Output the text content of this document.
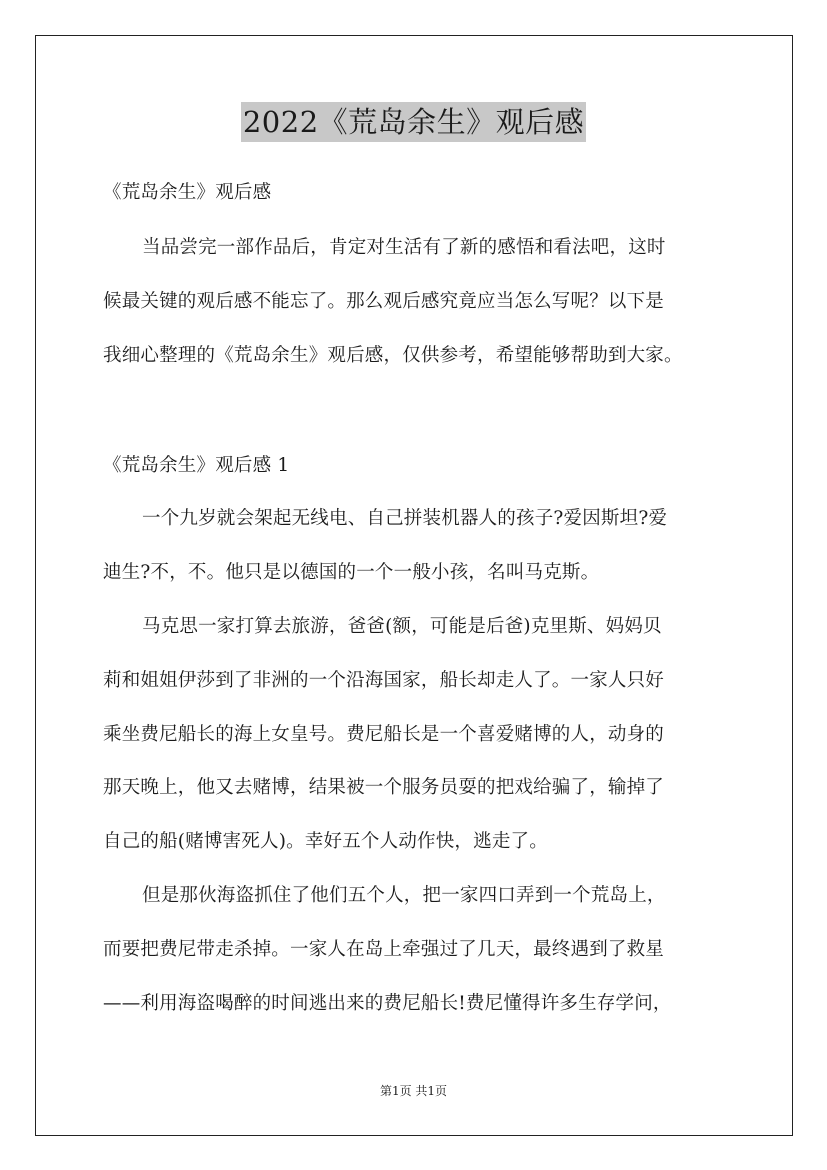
2022《荒岛余生》观后感
《荒岛余生》观后感
当品尝完一部作品后，肯定对生活有了新的感悟和看法吧，这时
候最关键的观后感不能忘了。那么观后感究竟应当怎么写呢？以下是
我细心整理的《荒岛余生》观后感，仅供参考，希望能够帮助到大家。
《荒岛余生》观后感 1
一个九岁就会架起无线电、自己拼装机器人的孩子?爱因斯坦?爱
迪生?不，不。他只是以德国的一个一般小孩，名叫马克斯。
马克思一家打算去旅游，爸爸(额，可能是后爸)克里斯、妈妈贝
莉和姐姐伊莎到了非洲的一个沿海国家，船长却走人了。一家人只好
乘坐费尼船长的海上女皇号。费尼船长是一个喜爱赌博的人，动身的
那天晚上，他又去赌博，结果被一个服务员耍的把戏给骗了，输掉了
自己的船(赌博害死人)。幸好五个人动作快，逃走了。
但是那伙海盗抓住了他们五个人，把一家四口弄到一个荒岛上，
而要把费尼带走杀掉。一家人在岛上牵强过了几天，最终遇到了救星
——利用海盗喝醉的时间逃出来的费尼船长!费尼懂得许多生存学问，
第1页 共1页
